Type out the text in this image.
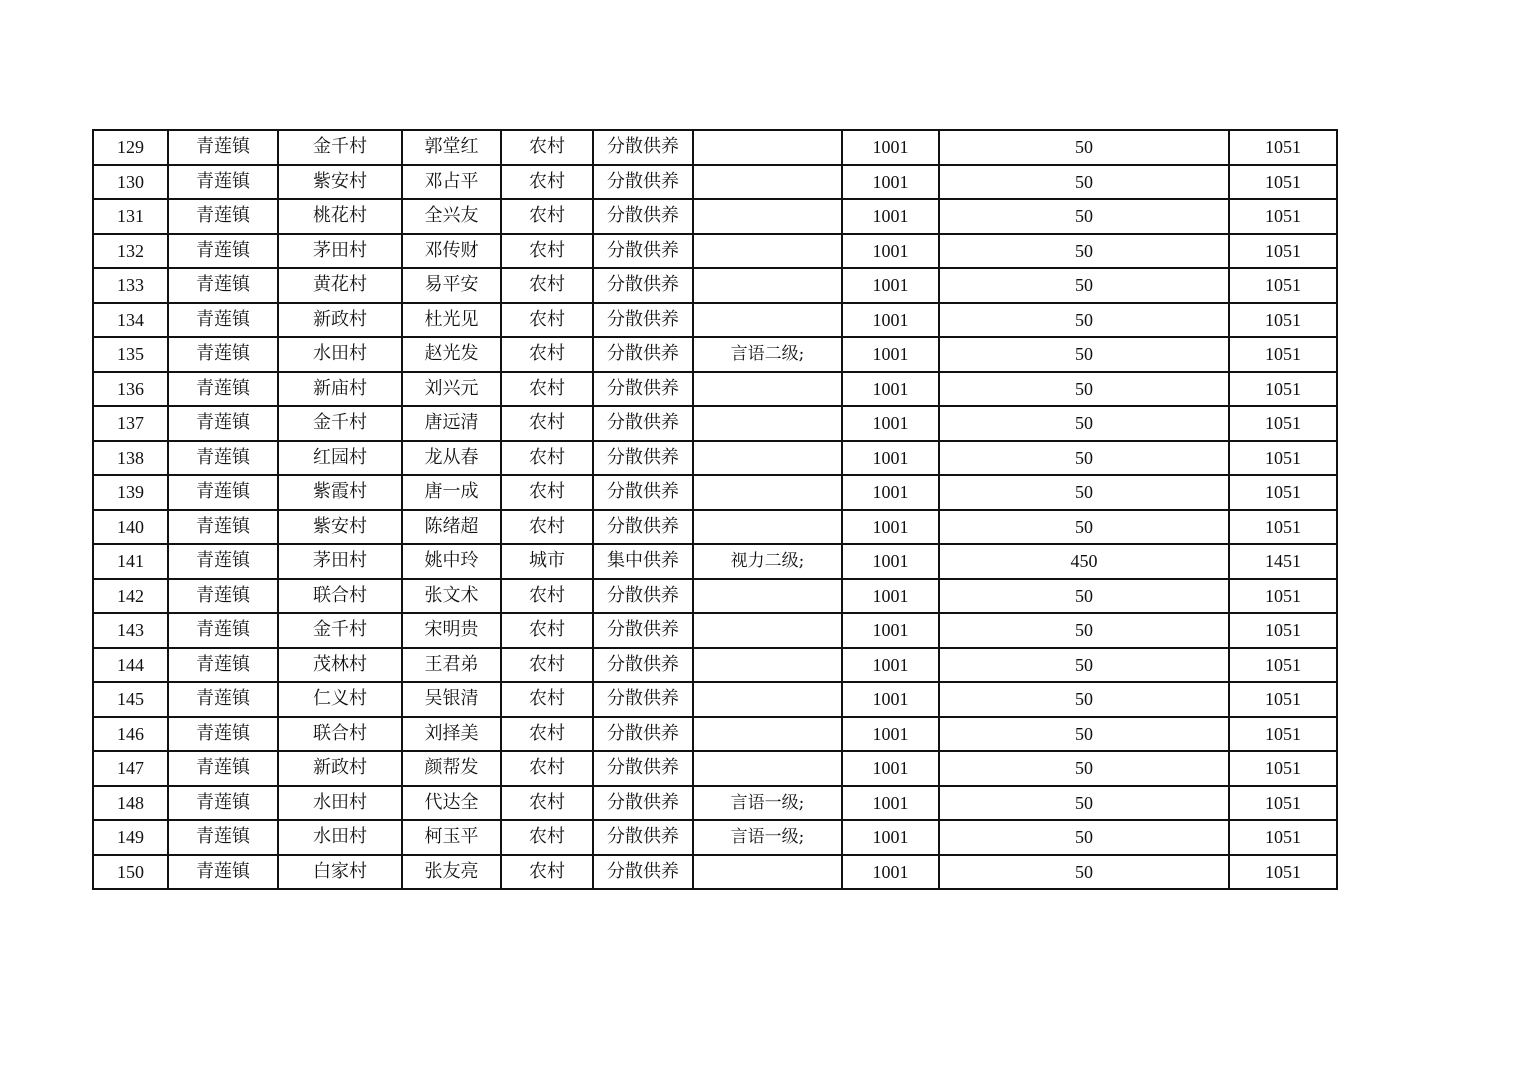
129	青莲镇	金千村	郭堂红	农村	分散供养		1001	50	1051
130	青莲镇	紫安村	邓占平	农村	分散供养		1001	50	1051
131	青莲镇	桃花村	全兴友	农村	分散供养		1001	50	1051
132	青莲镇	茅田村	邓传财	农村	分散供养		1001	50	1051
133	青莲镇	黄花村	易平安	农村	分散供养		1001	50	1051
134	青莲镇	新政村	杜光见	农村	分散供养		1001	50	1051
135	青莲镇	水田村	赵光发	农村	分散供养	言语二级;	1001	50	1051
136	青莲镇	新庙村	刘兴元	农村	分散供养		1001	50	1051
137	青莲镇	金千村	唐远清	农村	分散供养		1001	50	1051
138	青莲镇	红园村	龙从春	农村	分散供养		1001	50	1051
139	青莲镇	紫霞村	唐一成	农村	分散供养		1001	50	1051
140	青莲镇	紫安村	陈绪超	农村	分散供养		1001	50	1051
141	青莲镇	茅田村	姚中玲	城市	集中供养	视力二级;	1001	450	1451
142	青莲镇	联合村	张文术	农村	分散供养		1001	50	1051
143	青莲镇	金千村	宋明贵	农村	分散供养		1001	50	1051
144	青莲镇	茂林村	王君弟	农村	分散供养		1001	50	1051
145	青莲镇	仁义村	吴银清	农村	分散供养		1001	50	1051
146	青莲镇	联合村	刘择美	农村	分散供养		1001	50	1051
147	青莲镇	新政村	颜帮发	农村	分散供养		1001	50	1051
148	青莲镇	水田村	代达全	农村	分散供养	言语一级;	1001	50	1051
149	青莲镇	水田村	柯玉平	农村	分散供养	言语一级;	1001	50	1051
150	青莲镇	白家村	张友亮	农村	分散供养		1001	50	1051
